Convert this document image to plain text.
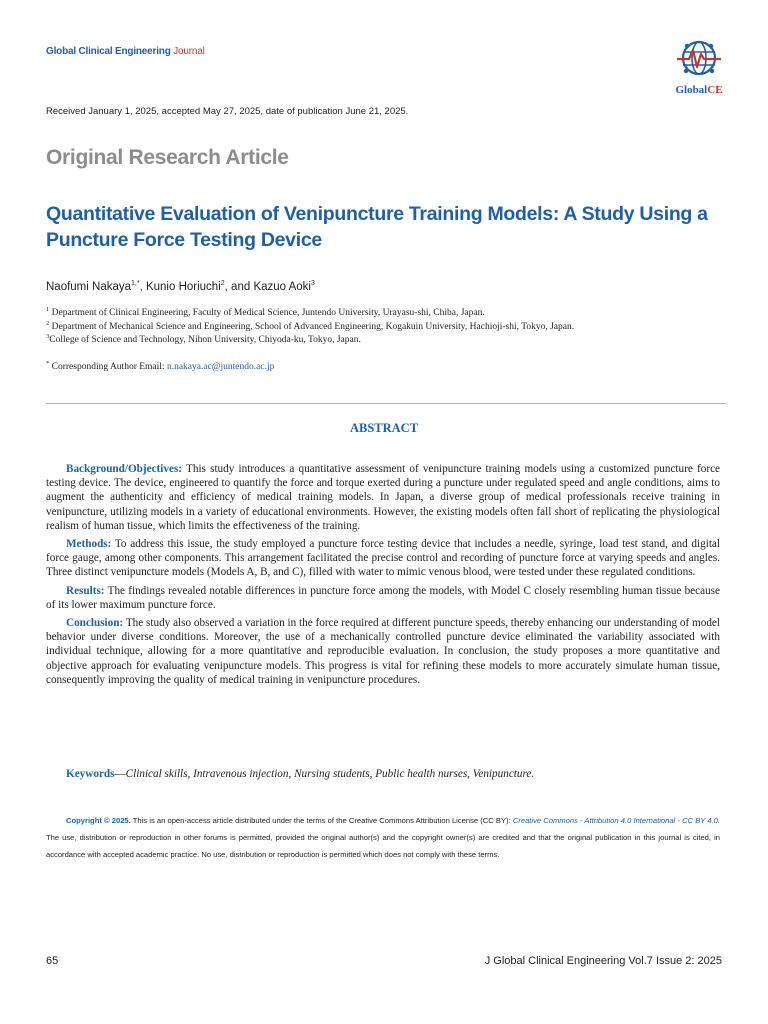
Global Clinical Engineering Journal
GlobalCE
Received January 1, 2025, accepted May 27, 2025, date of publication June 21, 2025.
Original Research Article
Quantitative Evaluation of Venipuncture Training Models: A Study Using a Puncture Force Testing Device
Naofumi Nakaya$^{1,*}$, Kunio Horiuchi$^2$, and Kazuo Aoki$^3$
$^1$ Department of Clinical Engineering, Faculty of Medical Science, Juntendo University, Urayasu-shi, Chiba, Japan.
$^2$ Department of Mechanical Science and Engineering, School of Advanced Engineering, Kogakuin University, Hachioji-shi, Tokyo, Japan.
$^3$College of Science and Technology, Nihon University, Chiyoda-ku, Tokyo, Japan.
* Corresponding Author Email: n.nakaya.ac@juntendo.ac.jp
ABSTRACT

Background/Objectives: This study introduces a quantitative assessment of venipuncture training models using a customized puncture force testing device. The device, engineered to quantify the force and torque exerted during a puncture under regulated speed and angle conditions, aims to augment the authenticity and efficiency of medical training models. In Japan, a diverse group of medical professionals receive training in venipuncture, utilizing models in a variety of educational environments. However, the existing models often fall short of replicating the physiological realism of human tissue, which limits the effectiveness of the training.

Methods: To address this issue, the study employed a puncture force testing device that includes a needle, syringe, load test stand, and digital force gauge, among other components. This arrangement facilitated the precise control and recording of puncture force at varying speeds and angles. Three distinct venipuncture models (Models A, B, and C), filled with water to mimic venous blood, were tested under these regulated conditions.

Results: The findings revealed notable differences in puncture force among the models, with Model C closely resembling human tissue because of its lower maximum puncture force.

Conclusion: The study also observed a variation in the force required at different puncture speeds, thereby enhancing our understanding of model behavior under diverse conditions. Moreover, the use of a mechanically controlled puncture device eliminated the variability associated with individual technique, allowing for a more quantitative and reproducible evaluation. In conclusion, the study proposes a more quantitative and objective approach for evaluating venipuncture models. This progress is vital for refining these models to more accurately simulate human tissue, consequently improving the quality of medical training in venipuncture procedures.

Keywords—Clinical skills, Intravenous injection, Nursing students, Public health nurses, Venipuncture.
Copyright © 2025. This is an open-access article distributed under the terms of the Creative Commons Attribution License (CC BY): Creative Commons - Attribution 4.0 International - CC BY 4.0. The use, distribution or reproduction in other forums is permitted, provided the original author(s) and the copyright owner(s) are credited and that the original publication in this journal is cited, in accordance with accepted academic practice. No use, distribution or reproduction is permitted which does not comply with these terms.
65	J Global Clinical Engineering Vol.7 Issue 2: 2025
